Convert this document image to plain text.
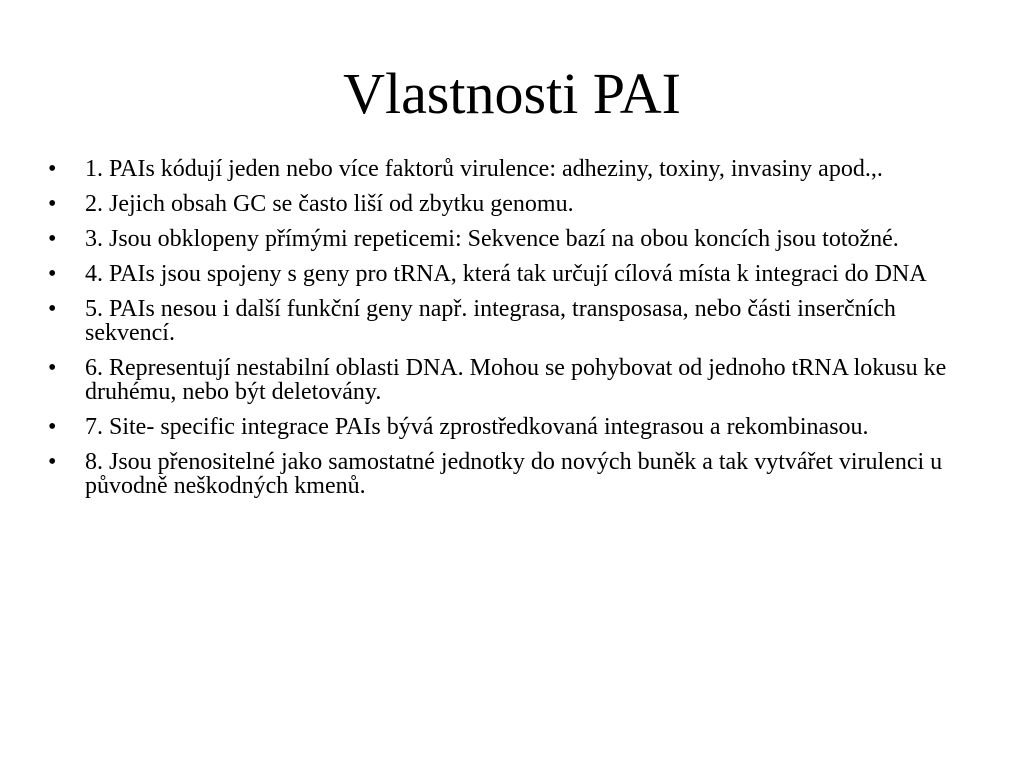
Vlastnosti PAI
•	1. PAIs kódují jeden nebo více faktorů virulence: adheziny, toxiny, invasiny apod.,.
•	2. Jejich obsah GC se často liší od zbytku genomu.
•	3. Jsou obklopeny přímými repeticemi: Sekvence bazí na obou koncích jsou totožné.
•	4. PAIs jsou spojeny s geny pro tRNA, která tak určují cílová místa k integraci do DNA
•	5. PAIs nesou i další funkční geny např. integrasa, transposasa, nebo části inserčních sekvencí.
•	6. Representují nestabilní oblasti DNA. Mohou se pohybovat od jednoho tRNA lokusu ke druhému, nebo být deletovány.
•	7. Site- specific integrace PAIs bývá zprostředkovaná integrasou a rekombinasou.
•	8. Jsou přenositelné jako samostatné jednotky do nových buněk a tak vytvářet virulenci u původně neškodných kmenů.
